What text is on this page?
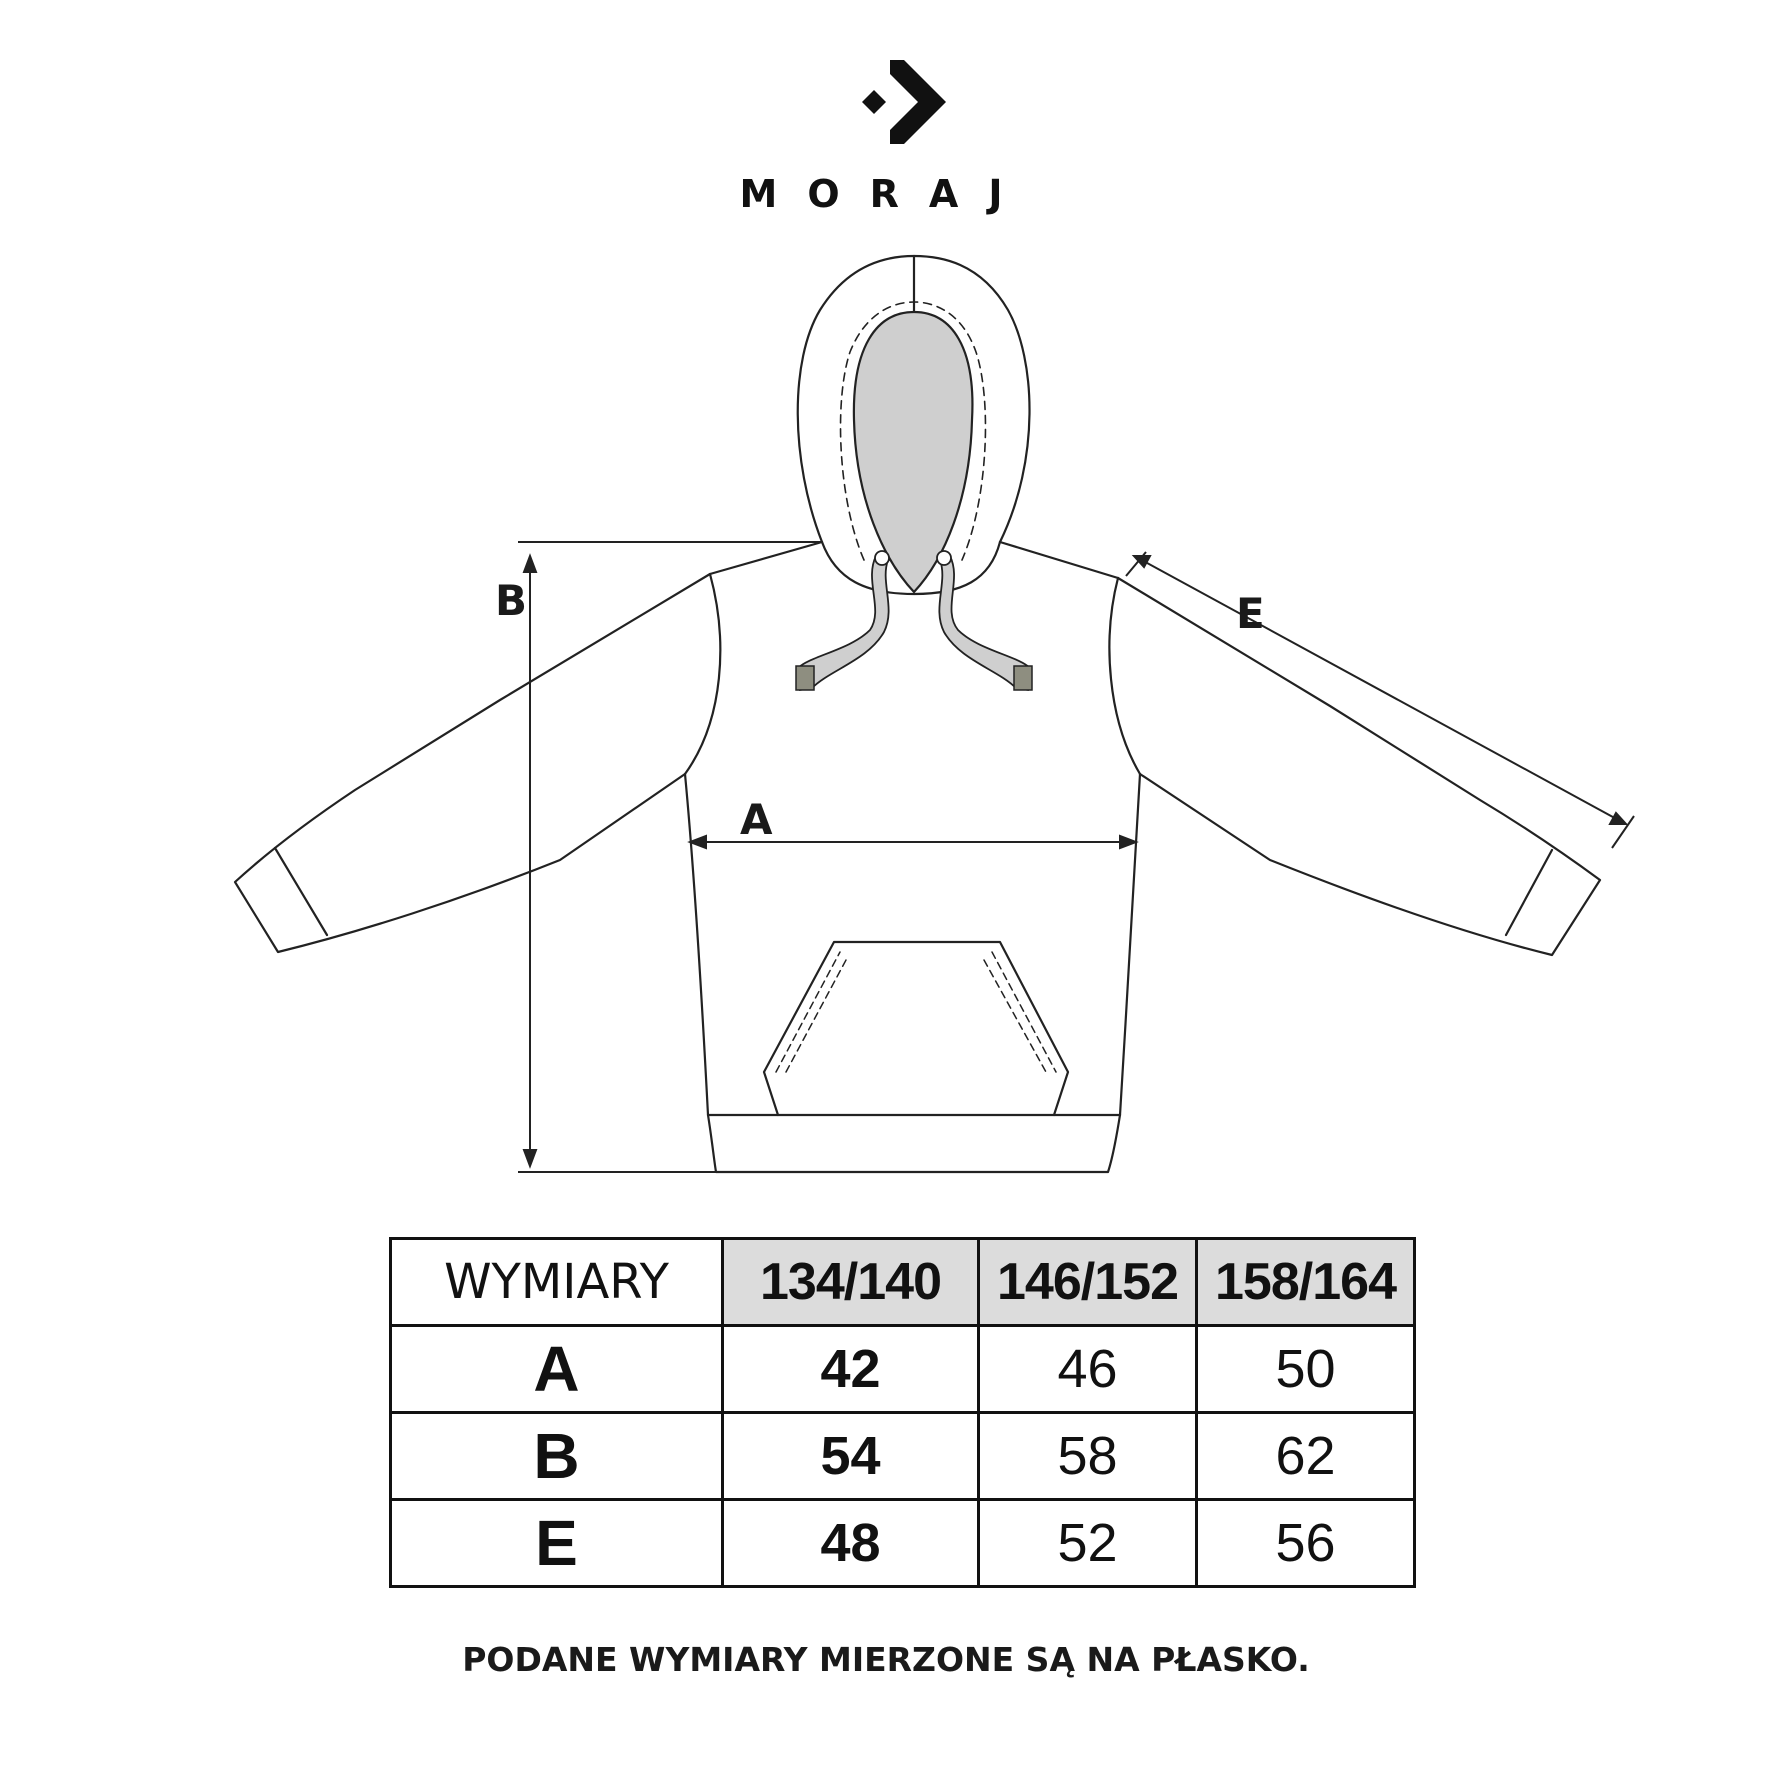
MORAJ
B
A
E
WYMIARY	134/140	146/152	158/164
A	42	46	50
B	54	58	62
E	48	52	56
PODANE WYMIARY MIERZONE SĄ NA PŁASKO.
